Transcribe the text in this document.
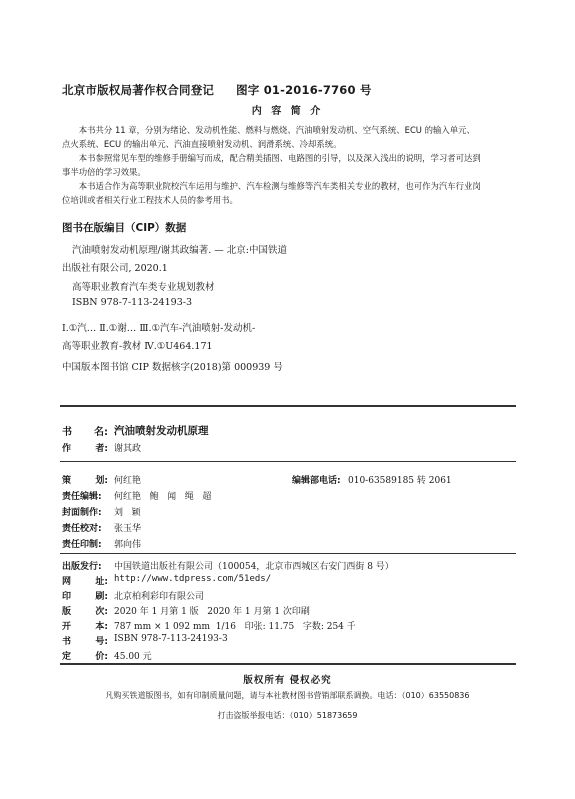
北京市版权局著作权合同登记 图字 01-2016-7760 号
内 容 简 介
本书共分 11 章，分别为绪论、发动机性能、燃料与燃烧、汽油喷射发动机、空气系统、ECU 的输入单元、点火系统、ECU 的输出单元、汽油直接喷射发动机、润滑系统、冷却系统。
本书参照常见车型的维修手册编写而成，配合精美插图、电路图的引导，以及深入浅出的说明，学习者可达到事半功倍的学习效果。
本书适合作为高等职业院校汽车运用与维护、汽车检测与维修等汽车类相关专业的教材，也可作为汽车行业岗位培训或者相关行业工程技术人员的参考用书。
图书在版编目（CIP）数据
汽油喷射发动机原理/谢其政编著. — 北京:中国铁道
出版社有限公司, 2020.1
高等职业教育汽车类专业规划教材
ISBN 978-7-113-24193-3
Ⅰ.①汽… Ⅱ.①谢… Ⅲ.①汽车-汽油喷射-发动机-
高等职业教育-教材 Ⅳ.①U464.171
中国版本图书馆 CIP 数据核字(2018)第 000939 号
书 名: 汽油喷射发动机原理
作	者: 谢其政
策	划: 何红艳	编辑部电话: 010-63589185 转 2061
责任编辑:	何红艳   鲍   闻   绳   超
封面制作:	刘   颖
责任校对:	张玉华
责任印制:	郭向伟
出版发行:	中国铁道出版社有限公司（100054，北京市西城区右安门西街 8 号）
网	址: http://www.tdpress.com/51eds/
印	刷: 北京柏利彩印有限公司
版	次: 2020 年 1 月第 1 版   2020 年 1 月第 1 次印刷
开	本: 787 mm × 1 092 mm  1/16   印张: 11.75   字数: 254 千
书	号: ISBN 978-7-113-24193-3
定	价: 45.00 元
版权所有 侵权必究
凡购买铁道版图书，如有印制质量问题，请与本社教材图书营销部联系调换。电话：（010）63550836
打击盗版举报电话：（010）51873659
